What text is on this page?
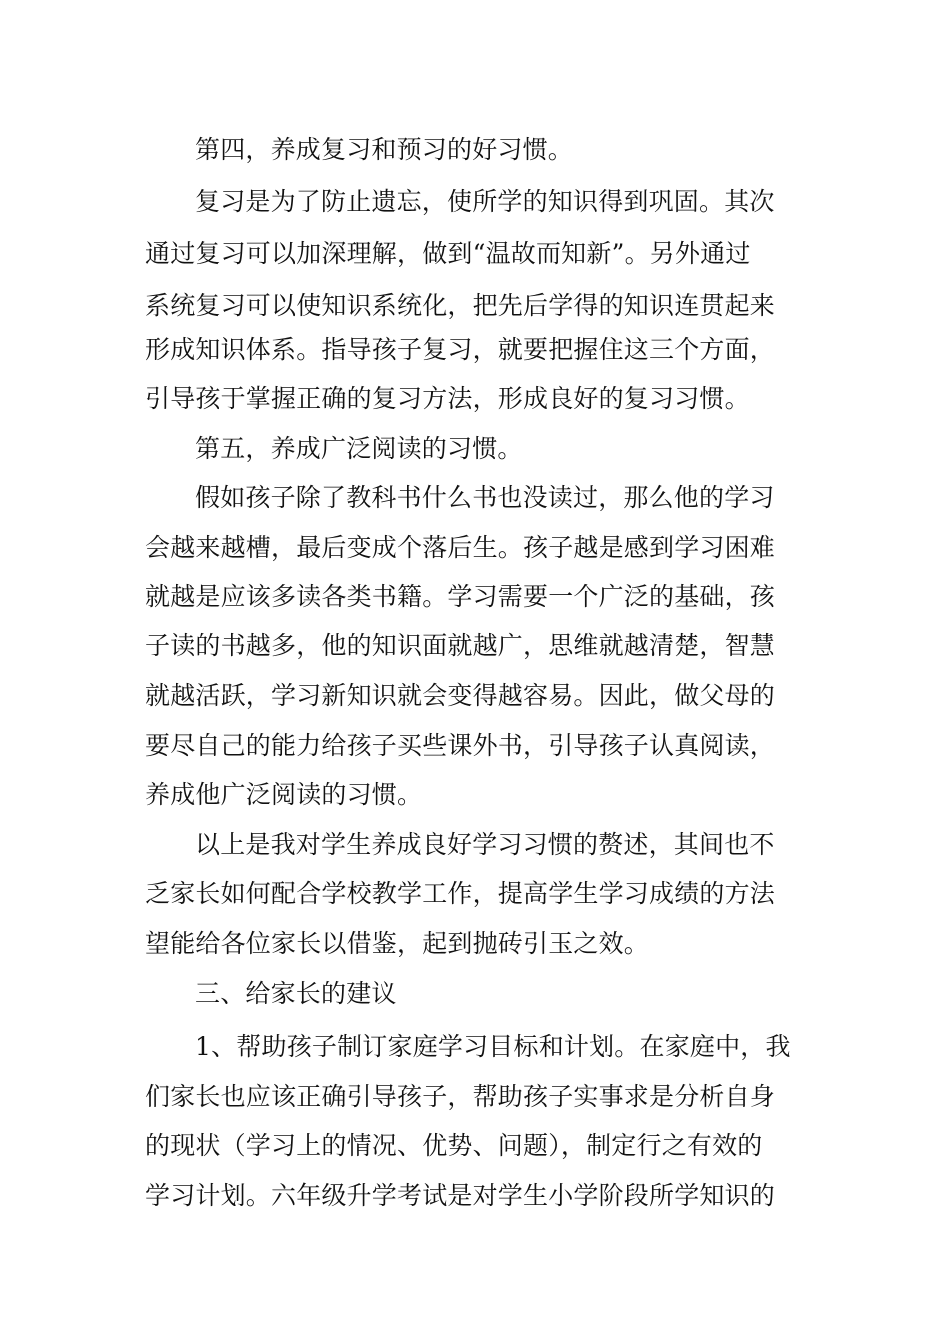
第四，养成复习和预习的好习惯。
复习是为了防止遗忘，使所学的知识得到巩固。其次
通过复习可以加深理解，做到“温故而知新”。另外通过
系统复习可以使知识系统化，把先后学得的知识连贯起来
形成知识体系。指导孩子复习，就要把握住这三个方面，
引导孩于掌握正确的复习方法，形成良好的复习习惯。
第五，养成广泛阅读的习惯。
假如孩子除了教科书什么书也没读过，那么他的学习
会越来越槽，最后变成个落后生。孩子越是感到学习困难
就越是应该多读各类书籍。学习需要一个广泛的基础，孩
子读的书越多，他的知识面就越广，思维就越清楚，智慧
就越活跃，学习新知识就会变得越容易。因此，做父母的
要尽自己的能力给孩子买些课外书，引导孩子认真阅读，
养成他广泛阅读的习惯。
以上是我对学生养成良好学习习惯的赘述，其间也不
乏家长如何配合学校教学工作，提高学生学习成绩的方法
望能给各位家长以借鉴，起到抛砖引玉之效。
三、给家长的建议
1、帮助孩子制订家庭学习目标和计划。在家庭中，我
们家长也应该正确引导孩子，帮助孩子实事求是分析自身
的现状（学习上的情况、优势、问题），制定行之有效的
学习计划。六年级升学考试是对学生小学阶段所学知识的
